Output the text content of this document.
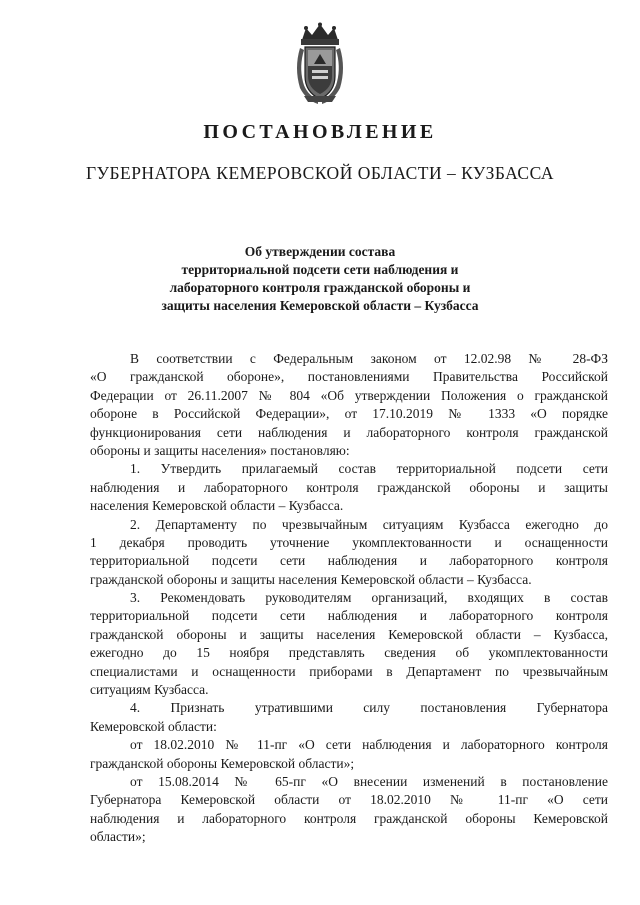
ПОСТАНОВЛЕНИЕ
ГУБЕРНАТОРА КЕМЕРОВСКОЙ ОБЛАСТИ – КУЗБАССА
Об утверждении состава
территориальной подсети сети наблюдения и
лабораторного контроля гражданской обороны и
защиты населения Кемеровской области – Кузбасса
В соответствии с Федеральным законом от 12.02.98 № 28-ФЗ
«О гражданской обороне», постановлениями Правительства Российской
Федерации от 26.11.2007 № 804 «Об утверждении Положения о гражданской
обороне в Российской Федерации», от 17.10.2019 № 1333 «О порядке
функционирования сети наблюдения и лабораторного контроля гражданской
обороны и защиты населения» постановляю:
1. Утвердить прилагаемый состав территориальной подсети сети
наблюдения и лабораторного контроля гражданской обороны и защиты
населения Кемеровской области – Кузбасса.
2. Департаменту по чрезвычайным ситуациям Кузбасса ежегодно до
1 декабря проводить уточнение укомплектованности и оснащенности
территориальной подсети сети наблюдения и лабораторного контроля
гражданской обороны и защиты населения Кемеровской области – Кузбасса.
3. Рекомендовать руководителям организаций, входящих в состав
территориальной подсети сети наблюдения и лабораторного контроля
гражданской обороны и защиты населения Кемеровской области – Кузбасса,
ежегодно до 15 ноября представлять сведения об укомплектованности
специалистами и оснащенности приборами в Департамент по чрезвычайным
ситуациям Кузбасса.
4. Признать утратившими силу постановления Губернатора
Кемеровской области:
от 18.02.2010 № 11-пг «О сети наблюдения и лабораторного контроля
гражданской обороны Кемеровской области»;
от 15.08.2014 № 65-пг «О внесении изменений в постановление
Губернатора Кемеровской области от 18.02.2010 № 11-пг «О сети
наблюдения и лабораторного контроля гражданской обороны Кемеровской
области»;
